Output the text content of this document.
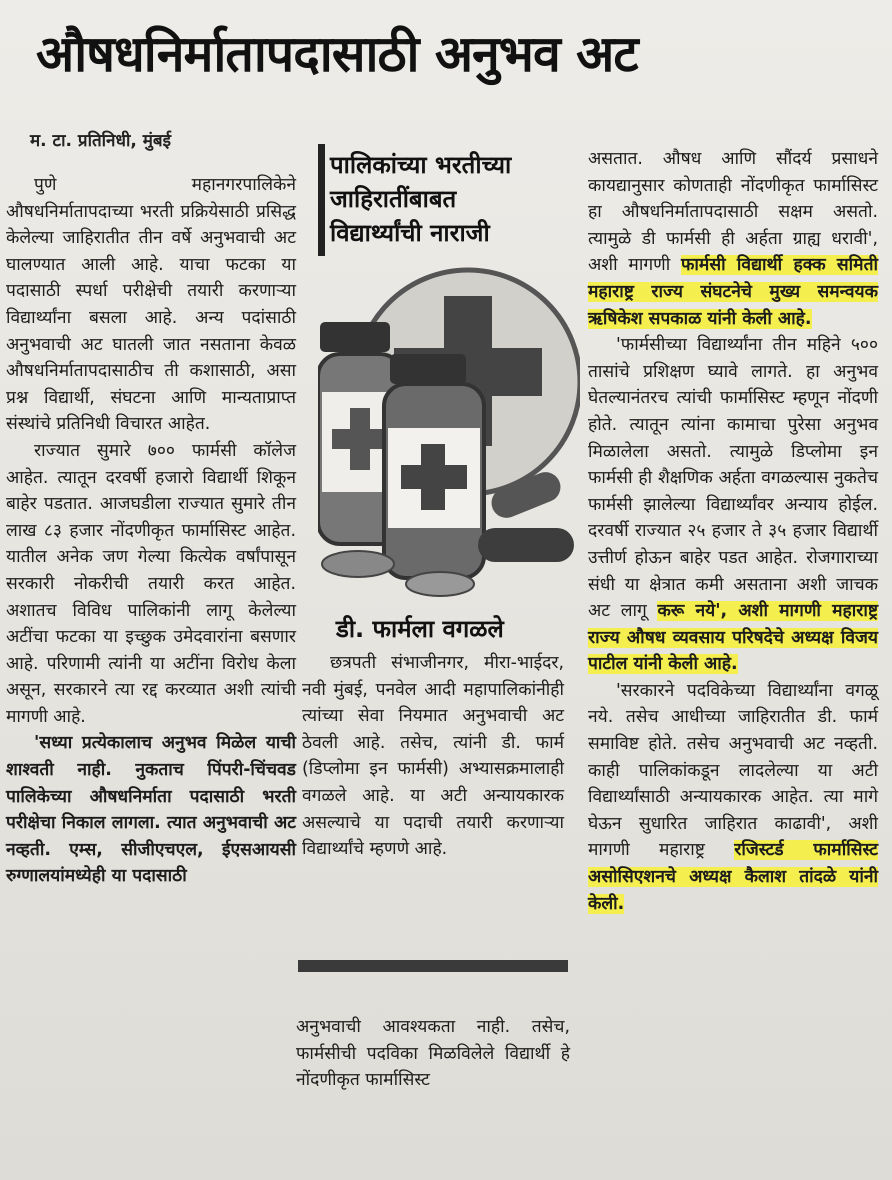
औषधनिर्मातापदासाठी अनुभव अट
म. टा. प्रतिनिधी, मुंबई

पुणे महानगरपालिकेने औषधनिर्मातापदाच्या भरती प्रक्रियेसाठी प्रसिद्ध केलेल्या जाहिरातीत तीन वर्षे अनुभवाची अट घालण्यात आली आहे. याचा फटका या पदासाठी स्पर्धा परीक्षेची तयारी करणाऱ्या विद्यार्थ्यांना बसला आहे. अन्य पदांसाठी अनुभवाची अट घातली जात नसताना केवळ औषधनिर्मातापदासाठीच ती कशासाठी, असा प्रश्न विद्यार्थी, संघटना आणि मान्यताप्राप्त संस्थांचे प्रतिनिधी विचारत आहेत.

राज्यात सुमारे ७०० फार्मसी कॉलेज आहेत. त्यातून दरवर्षी हजारो विद्यार्थी शिकून बाहेर पडतात. आजघडीला राज्यात सुमारे तीन लाख ८३ हजार नोंदणीकृत फार्मासिस्ट आहेत. यातील अनेक जण गेल्या कित्येक वर्षांपासून सरकारी नोकरीची तयारी करत आहेत. अशातच विविध पालिकांनी लागू केलेल्या अटींचा फटका या इच्छुक उमेदवारांना बसणार आहे. परिणामी त्यांनी या अटींना विरोध केला असून, सरकारने त्या रद्द करव्यात अशी त्यांची मागणी आहे.

'सध्या प्रत्येकालाच अनुभव मिळेल याची शाश्वती नाही. नुकताच पिंपरी-चिंचवड पालिकेच्या औषधनिर्माता पदासाठी भरती परीक्षेचा निकाल लागला. त्यात अनुभवाची अट नव्हती. एम्स, सीजीएचएल, ईएसआयसी रुग्णालयांमध्येही या पदासाठी

पालिकांच्या भरतीच्या
जाहिरातींबाबत
विद्यार्थ्यांची नाराजी
डी. फार्मला वगळले

छत्रपती संभाजीनगर, मीरा-भाईदर, नवी मुंबई, पनवेल आदी महापालिकांनीही त्यांच्या सेवा नियमात अनुभवाची अट ठेवली आहे. तसेच, त्यांनी डी. फार्म (डिप्लोमा इन फार्मसी) अभ्यासक्रमालाही वगळले आहे. या अटी अन्यायकारक असल्याचे या पदाची तयारी करणाऱ्या विद्यार्थ्यांचे म्हणणे आहे.

अनुभवाची आवश्यकता नाही. तसेच, फार्मसीची पदविका मिळविलेले विद्यार्थी हे नोंदणीकृत फार्मासिस्ट

असतात. औषध आणि सौंदर्य प्रसाधने कायद्यानुसार कोणताही नोंदणीकृत फार्मासिस्ट हा औषधनिर्मातापदासाठी सक्षम असतो. त्यामुळे डी फार्मसी ही अर्हता ग्राह्य धरावी', अशी मागणी फार्मसी विद्यार्थी हक्क समिती महाराष्ट्र राज्य संघटनेचे मुख्य समन्वयक ऋषिकेश सपकाळ यांनी केली आहे.

'फार्मसीच्या विद्यार्थ्यांना तीन महिने ५०० तासांचे प्रशिक्षण घ्यावे लागते. हा अनुभव घेतल्यानंतरच त्यांची फार्मासिस्ट म्हणून नोंदणी होते. त्यातून त्यांना कामाचा पुरेसा अनुभव मिळालेला असतो. त्यामुळे डिप्लोमा इन फार्मसी ही शैक्षणिक अर्हता वगळल्यास नुकतेच फार्मसी झालेल्या विद्यार्थ्यांवर अन्याय होईल. दरवर्षी राज्यात २५ हजार ते ३५ हजार विद्यार्थी उत्तीर्ण होऊन बाहेर पडत आहेत. रोजगाराच्या संधी या क्षेत्रात कमी असताना अशी जाचक अट लागू करू नये', अशी मागणी महाराष्ट्र राज्य औषध व्यवसाय परिषदेचे अध्यक्ष विजय पाटील यांनी केली आहे.

'सरकारने पदविकेच्या विद्यार्थ्यांना वगळू नये. तसेच आधीच्या जाहिरातीत डी. फार्म समाविष्ट होते. तसेच अनुभवाची अट नव्हती. काही पालिकांकडून लादलेल्या या अटी विद्यार्थ्यांसाठी अन्यायकारक आहेत. त्या मागे घेऊन सुधारित जाहिरात काढावी', अशी मागणी महाराष्ट्र रजिस्टर्ड फार्मासिस्ट असोसिएशनचे अध्यक्ष कैलाश तांदळे यांनी केली.
